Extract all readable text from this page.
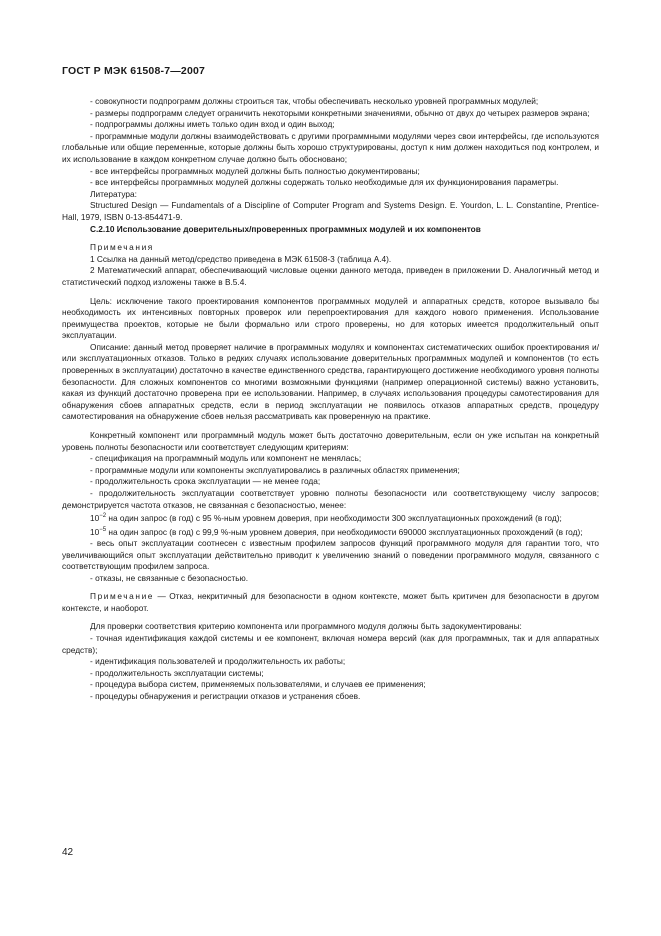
ГОСТ Р МЭК 61508-7—2007

- совокупности подпрограмм должны строиться так, чтобы обеспечивать несколько уровней программных модулей;

- размеры подпрограмм следует ограничить некоторыми конкретными значениями, обычно от двух до четырех размеров экрана;

- подпрограммы должны иметь только один вход и один выход;

- программные модули должны взаимодействовать с другими программными модулями через свои интерфейсы, где используются глобальные или общие переменные, которые должны быть хорошо структурированы, доступ к ним должен находиться под контролем, и их использование в каждом конкретном случае должно быть обосновано;

- все интерфейсы программных модулей должны быть полностью документированы;

- все интерфейсы программных модулей должны содержать только необходимые для их функционирования параметры.

Литература:

Structured Design — Fundamentals of a Discipline of Computer Program and Systems Design. E. Yourdon, L. L. Constantine, Prentice-Hall, 1979, ISBN 0-13-854471-9.

С.2.10 Использование доверительных/проверенных программных модулей и их компонентов

Примечания

1 Ссылка на данный метод/средство приведена в МЭК 61508-3 (таблица А.4).

2 Математический аппарат, обеспечивающий числовые оценки данного метода, приведен в приложении D. Аналогичный метод и статистический подход изложены также в В.5.4.

Цель: исключение такого проектирования компонентов программных модулей и аппаратных средств, которое вызывало бы необходимость их интенсивных повторных проверок или перепроектирования для каждого нового применения. Использование преимущества проектов, которые не были формально или строго проверены, но для которых имеется продолжительный опыт эксплуатации.

Описание: данный метод проверяет наличие в программных модулях и компонентах систематических ошибок проектирования и/или эксплуатационных отказов. Только в редких случаях использование доверительных программных модулей и компонентов (то есть проверенных в эксплуатации) достаточно в качестве единственного средства, гарантирующего достижение необходимого уровня полноты безопасности. Для сложных компонентов со многими возможными функциями (например операционной системы) важно установить, какая из функций достаточно проверена при ее использовании. Например, в случаях использования процедуры самотестирования для обнаружения сбоев аппаратных средств, если в период эксплуатации не появилось отказов аппаратных средств, процедуру самотестирования на обнаружение сбоев нельзя рассматривать как проверенную на практике.

Конкретный компонент или программный модуль может быть достаточно доверительным, если он уже испытан на конкретный уровень полноты безопасности или соответствует следующим критериям:

- спецификация на программный модуль или компонент не менялась;

- программные модули или компоненты эксплуатировались в различных областях применения;

- продолжительность срока эксплуатации — не менее года;

- продолжительность эксплуатации соответствует уровню полноты безопасности или соответствующему числу запросов; демонстрируется частота отказов, не связанная с безопасностью, менее:

$10^{-2}$ на один запрос (в год) с 95 %-ным уровнем доверия, при необходимости 300 эксплуатационных прохождений (в год);

$10^{-5}$ на один запрос (в год) с 99,9 %-ным уровнем доверия, при необходимости 690000 эксплуатационных прохождений (в год);

- весь опыт эксплуатации соотнесен с известным профилем запросов функций программного модуля для гарантии того, что увеличивающийся опыт эксплуатации действительно приводит к увеличению знаний о поведении программного модуля, связанного с соответствующим профилем запроса.

- отказы, не связанные с безопасностью.

Примечание — Отказ, некритичный для безопасности в одном контексте, может быть критичен для безопасности в другом контексте, и наоборот.

Для проверки соответствия критерию компонента или программного модуля должны быть задокументированы:

- точная идентификация каждой системы и ее компонент, включая номера версий (как для программных, так и для аппаратных средств);

- идентификация пользователей и продолжительность их работы;

- продолжительность эксплуатации системы;

- процедура выбора систем, применяемых пользователями, и случаев ее применения;

- процедуры обнаружения и регистрации отказов и устранения сбоев.

42
